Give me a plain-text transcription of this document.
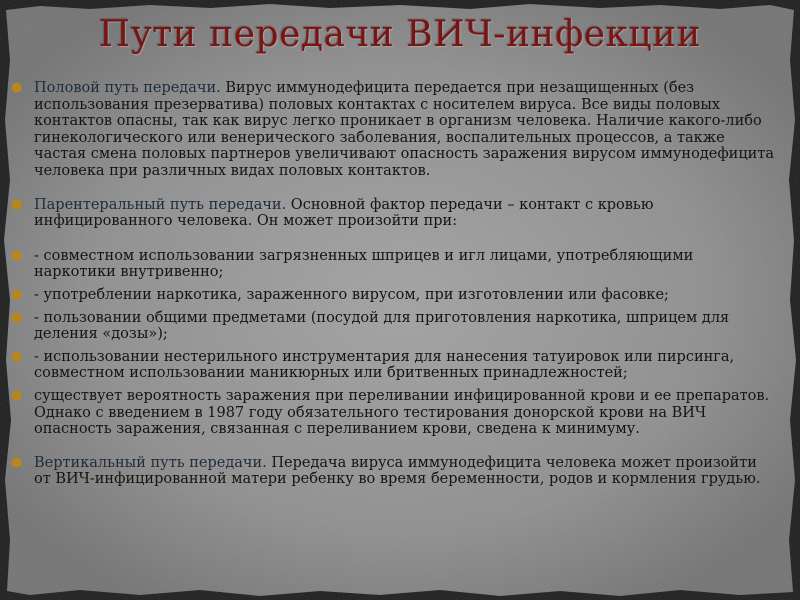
Пути передачи ВИЧ-инфекции
● Половой путь передачи. Вирус иммунодефицита передается при незащищенных (без использования презерватива) половых контактах с носителем вируса. Все виды половых контактов опасны, так как вирус легко проникает в организм человека. Наличие какого-либо гинекологического или венерического заболевания, воспалительных процессов, а также частая смена половых партнеров увеличивают опасность заражения вирусом иммунодефицита человека при различных видах половых контактов.
● Парентеральный путь передачи. Основной фактор передачи – контакт с кровью инфицированного человека. Он может произойти при:
● - совместном использовании загрязненных шприцев и игл лицами, употребляющими наркотики внутривенно;
● - употреблении наркотика, зараженного вирусом, при изготовлении или фасовке;
● - пользовании общими предметами (посудой для приготовления наркотика, шприцем для деления «дозы»);
● - использовании нестерильного инструментария для нанесения татуировок или пирсинга, совместном использовании маникюрных или бритвенных принадлежностей;
● существует вероятность заражения при переливании инфицированной крови и ее препаратов. Однако с введением в 1987 году обязательного тестирования донорской крови на ВИЧ опасность заражения, связанная с переливанием крови, сведена к минимуму.
● Вертикальный путь передачи. Передача вируса иммунодефицита человека может произойти от ВИЧ-инфицированной матери ребенку во время беременности, родов и кормления грудью.
